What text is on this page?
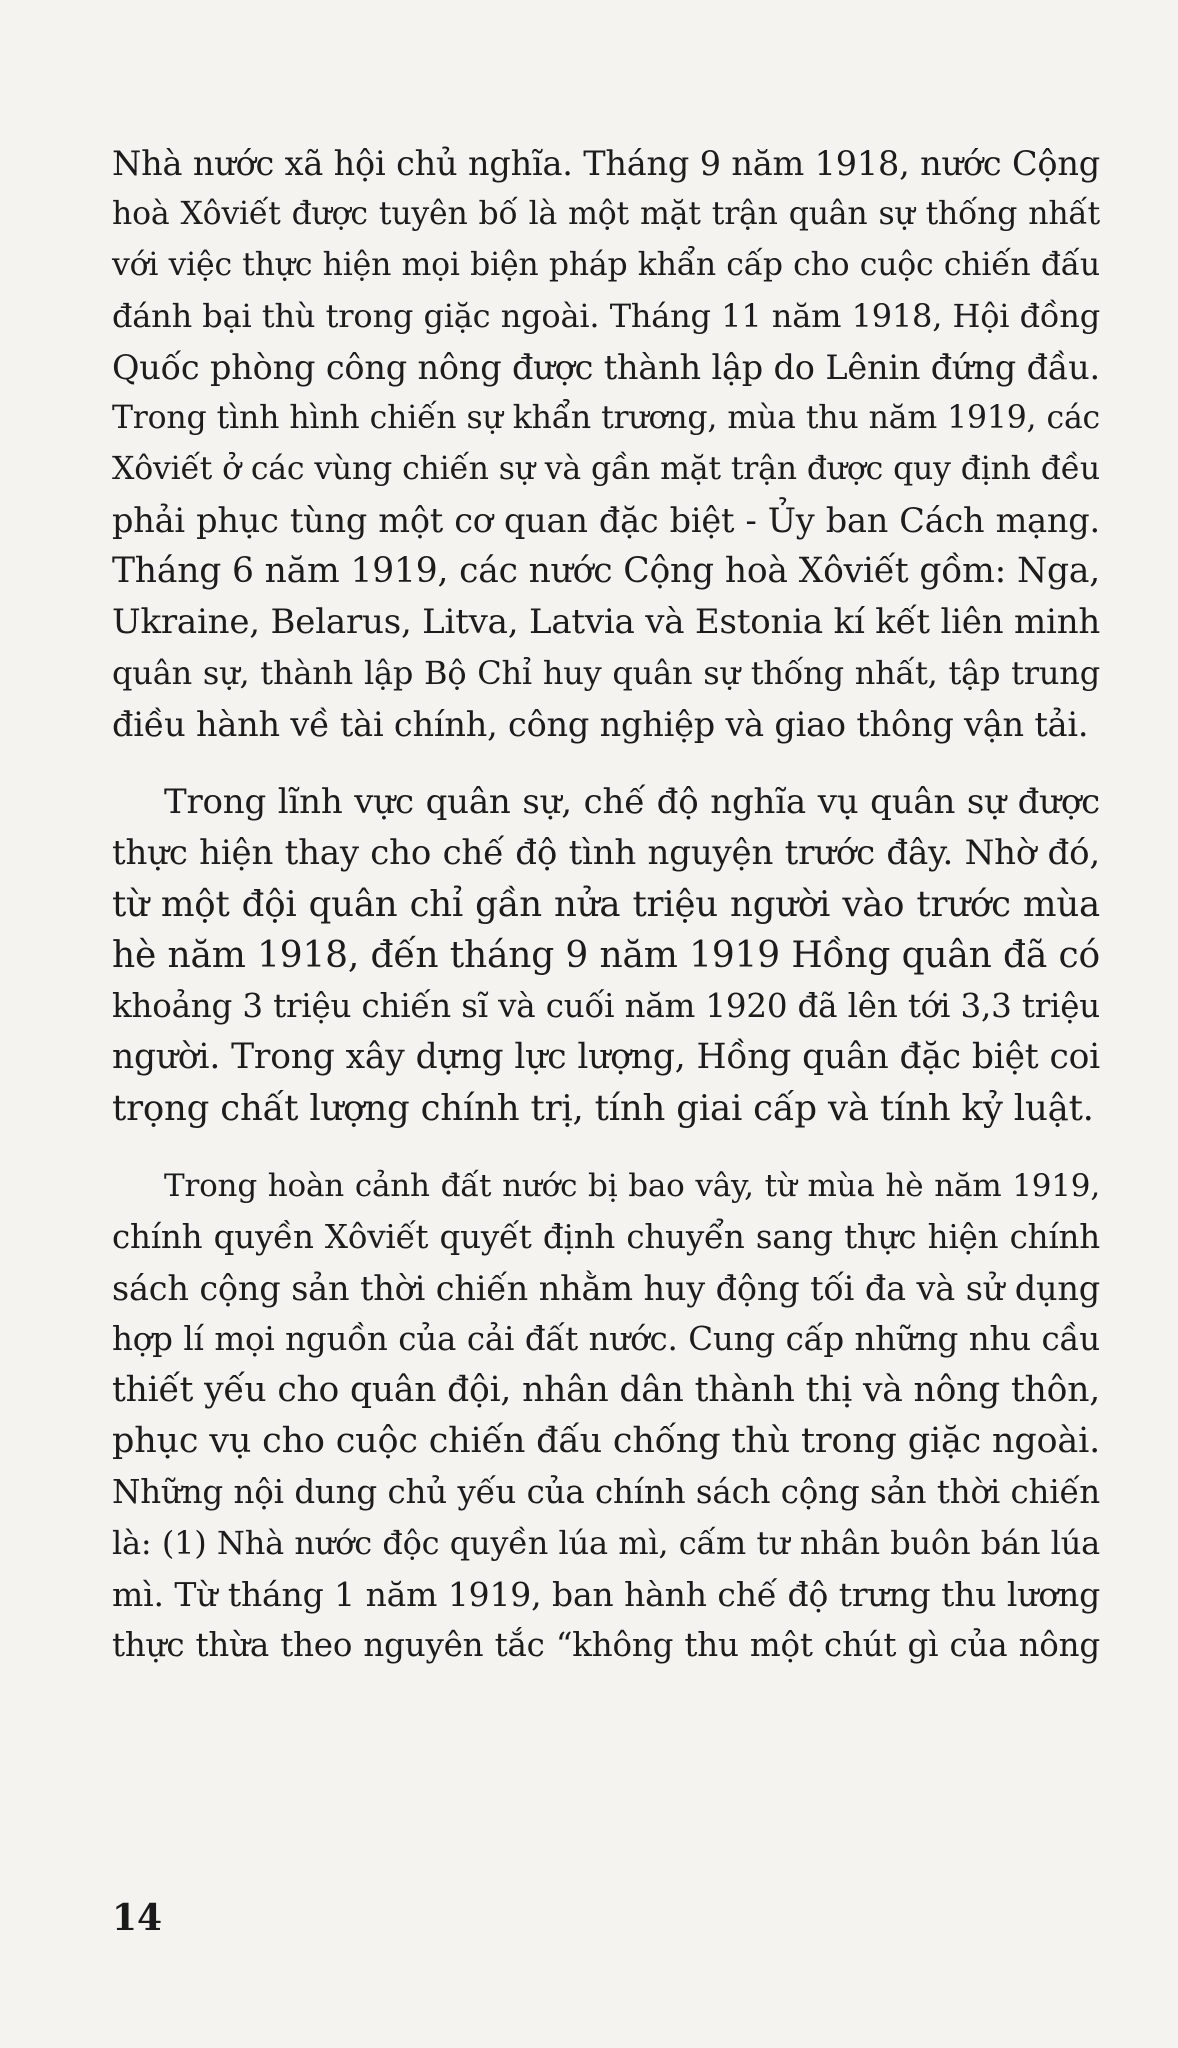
Nhà nước xã hội chủ nghĩa. Tháng 9 năm 1918, nước Cộng
hoà Xôviết được tuyên bố là một mặt trận quân sự thống nhất
với việc thực hiện mọi biện pháp khẩn cấp cho cuộc chiến đấu
đánh bại thù trong giặc ngoài. Tháng 11 năm 1918, Hội đồng
Quốc phòng công nông được thành lập do Lênin đứng đầu.
Trong tình hình chiến sự khẩn trương, mùa thu năm 1919, các
Xôviết ở các vùng chiến sự và gần mặt trận được quy định đều
phải phục tùng một cơ quan đặc biệt - Ủy ban Cách mạng.
Tháng 6 năm 1919, các nước Cộng hoà Xôviết gồm: Nga,
Ukraine, Belarus, Litva, Latvia và Estonia kí kết liên minh
quân sự, thành lập Bộ Chỉ huy quân sự thống nhất, tập trung
điều hành về tài chính, công nghiệp và giao thông vận tải.
Trong lĩnh vực quân sự, chế độ nghĩa vụ quân sự được
thực hiện thay cho chế độ tình nguyện trước đây. Nhờ đó,
từ một đội quân chỉ gần nửa triệu người vào trước mùa
hè năm 1918, đến tháng 9 năm 1919 Hồng quân đã có
khoảng 3 triệu chiến sĩ và cuối năm 1920 đã lên tới 3,3 triệu
người. Trong xây dựng lực lượng, Hồng quân đặc biệt coi
trọng chất lượng chính trị, tính giai cấp và tính kỷ luật.
Trong hoàn cảnh đất nước bị bao vây, từ mùa hè năm 1919,
chính quyền Xôviết quyết định chuyển sang thực hiện chính
sách cộng sản thời chiến nhằm huy động tối đa và sử dụng
hợp lí mọi nguồn của cải đất nước. Cung cấp những nhu cầu
thiết yếu cho quân đội, nhân dân thành thị và nông thôn,
phục vụ cho cuộc chiến đấu chống thù trong giặc ngoài.
Những nội dung chủ yếu của chính sách cộng sản thời chiến
là: (1) Nhà nước độc quyền lúa mì, cấm tư nhân buôn bán lúa
mì. Từ tháng 1 năm 1919, ban hành chế độ trưng thu lương
thực thừa theo nguyên tắc “không thu một chút gì của nông
14
